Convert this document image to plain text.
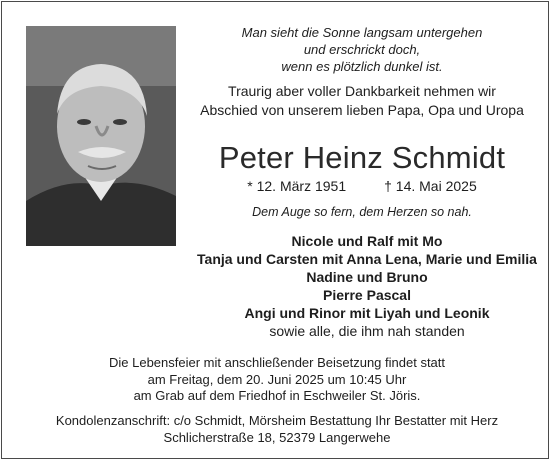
Man sieht die Sonne langsam untergehen
und erschrickt doch,
wenn es plötzlich dunkel ist.
Traurig aber voller Dankbarkeit nehmen wir
Abschied von unserem lieben Papa, Opa und Uropa
Peter Heinz Schmidt
* 12. März 1951	† 14. Mai 2025
Dem Auge so fern, dem Herzen so nah.
Nicole und Ralf mit Mo
Tanja und Carsten mit Anna Lena, Marie und Emilia
Nadine und Bruno
Pierre Pascal
Angi und Rinor mit Liyah und Leonik
sowie alle, die ihm nah standen
Die Lebensfeier mit anschließender Beisetzung findet statt
am Freitag, dem 20. Juni 2025 um 10:45 Uhr
am Grab auf dem Friedhof in Eschweiler St. Jöris.
Kondolenzanschrift: c/o Schmidt, Mörsheim Bestattung Ihr Bestatter mit Herz
Schlicherstraße 18, 52379 Langerwehe
